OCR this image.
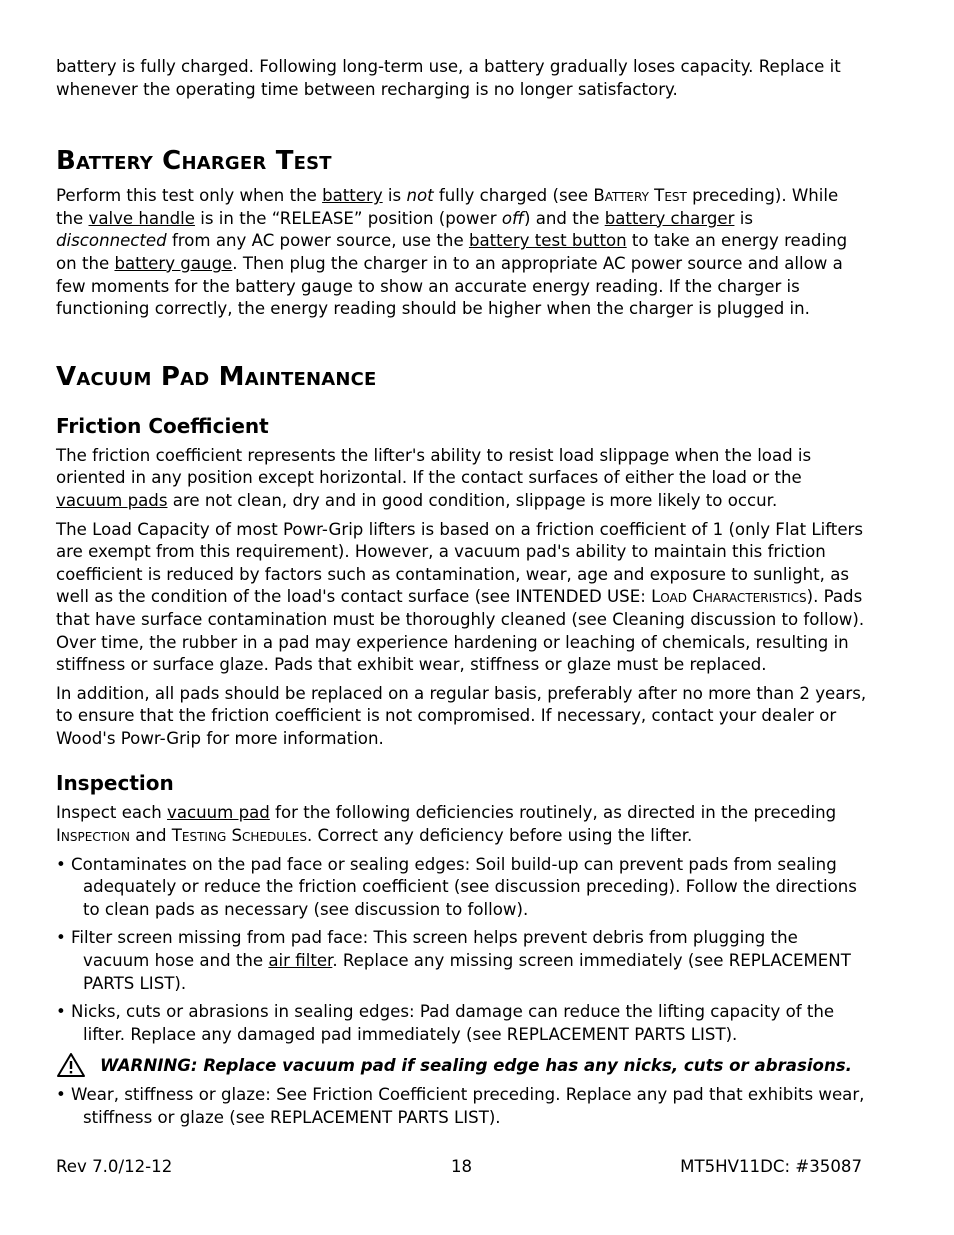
battery is fully charged. Following long-term use, a battery gradually loses capacity. Replace it whenever the operating time between recharging is no longer satisfactory.

Battery Charger Test

Perform this test only when the battery is not fully charged (see Battery Test preceding). While the valve handle is in the “RELEASE” position (power off) and the battery charger is disconnected from any AC power source, use the battery test button to take an energy reading on the battery gauge. Then plug the charger in to an appropriate AC power source and allow a few moments for the battery gauge to show an accurate energy reading. If the charger is functioning correctly, the energy reading should be higher when the charger is plugged in.

Vacuum Pad Maintenance
Friction Coefficient

The friction coefficient represents the lifter's ability to resist load slippage when the load is oriented in any position except horizontal. If the contact surfaces of either the load or the vacuum pads are not clean, dry and in good condition, slippage is more likely to occur.

The Load Capacity of most Powr-Grip lifters is based on a friction coefficient of 1 (only Flat Lifters are exempt from this requirement). However, a vacuum pad's ability to maintain this friction coefficient is reduced by factors such as contamination, wear, age and exposure to sunlight, as well as the condition of the load's contact surface (see INTENDED USE: Load Characteristics). Pads that have surface contamination must be thoroughly cleaned (see Cleaning discussion to follow). Over time, the rubber in a pad may experience hardening or leaching of chemicals, resulting in stiffness or surface glaze. Pads that exhibit wear, stiffness or glaze must be replaced.

In addition, all pads should be replaced on a regular basis, preferably after no more than 2 years, to ensure that the friction coefficient is not compromised. If necessary, contact your dealer or Wood's Powr-Grip for more information.

Inspection

Inspect each vacuum pad for the following deficiencies routinely, as directed in the preceding Inspection and Testing Schedules. Correct any deficiency before using the lifter.

• Contaminates on the pad face or sealing edges: Soil build-up can prevent pads from sealing adequately or reduce the friction coefficient (see discussion preceding). Follow the directions to clean pads as necessary (see discussion to follow).

• Filter screen missing from pad face: This screen helps prevent debris from plugging the vacuum hose and the air filter. Replace any missing screen immediately (see REPLACEMENT PARTS LIST).

• Nicks, cuts or abrasions in sealing edges: Pad damage can reduce the lifting capacity of the lifter. Replace any damaged pad immediately (see REPLACEMENT PARTS LIST).

WARNING: Replace vacuum pad if sealing edge has any nicks, cuts or abrasions.

• Wear, stiffness or glaze: See Friction Coefficient preceding. Replace any pad that exhibits wear, stiffness or glaze (see REPLACEMENT PARTS LIST).

Rev 7.0/12-12	18	MT5HV11DC: #35087
